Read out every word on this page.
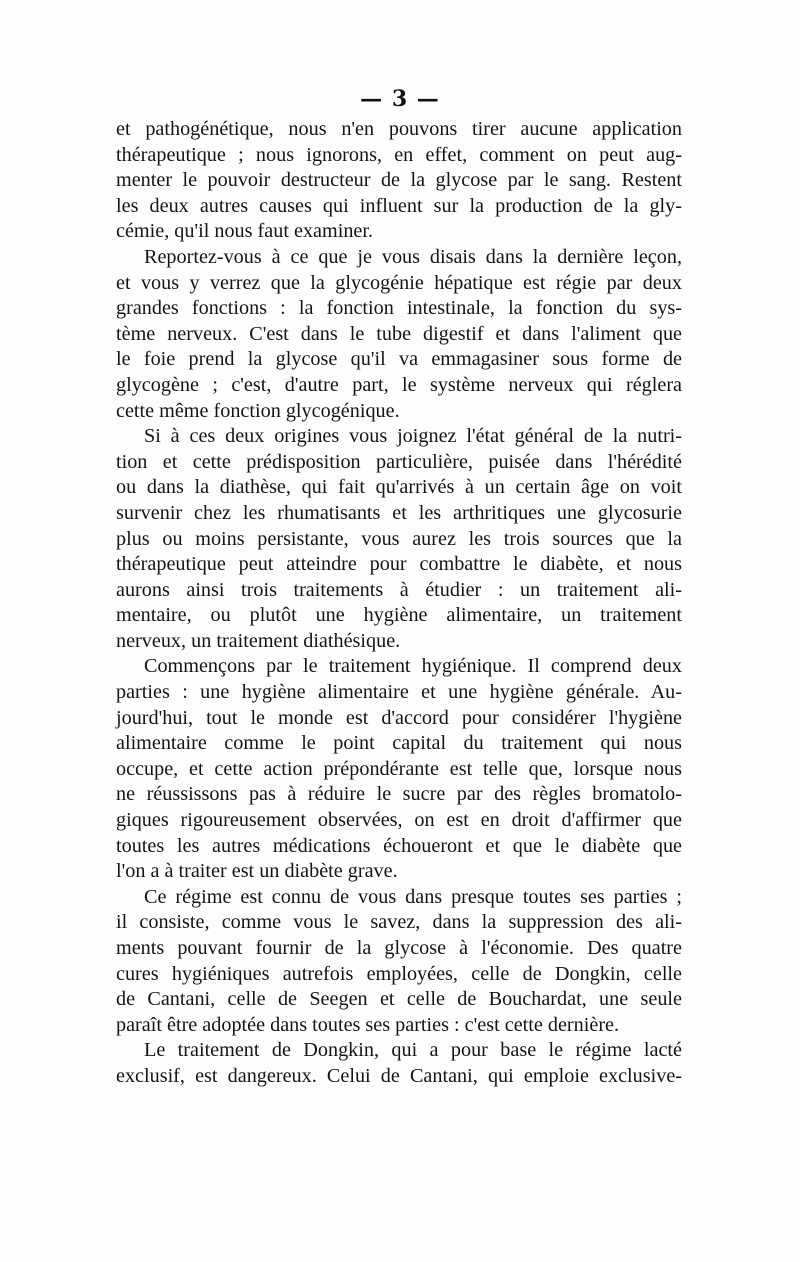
— 3 —
et pathogénétique, nous n'en pouvons tirer aucune application
thérapeutique ; nous ignorons, en effet, comment on peut aug-
menter le pouvoir destructeur de la glycose par le sang. Restent
les deux autres causes qui influent sur la production de la gly-
cémie, qu'il nous faut examiner.
Reportez-vous à ce que je vous disais dans la dernière leçon,
et vous y verrez que la glycogénie hépatique est régie par deux
grandes fonctions : la fonction intestinale, la fonction du sys-
tème nerveux. C'est dans le tube digestif et dans l'aliment que
le foie prend la glycose qu'il va emmagasiner sous forme de
glycogène ; c'est, d'autre part, le système nerveux qui réglera
cette même fonction glycogénique.
Si à ces deux origines vous joignez l'état général de la nutri-
tion et cette prédisposition particulière, puisée dans l'hérédité
ou dans la diathèse, qui fait qu'arrivés à un certain âge on voit
survenir chez les rhumatisants et les arthritiques une glycosurie
plus ou moins persistante, vous aurez les trois sources que la
thérapeutique peut atteindre pour combattre le diabète, et nous
aurons ainsi trois traitements à étudier : un traitement ali-
mentaire, ou plutôt une hygiène alimentaire, un traitement
nerveux, un traitement diathésique.
Commençons par le traitement hygiénique. Il comprend deux
parties : une hygiène alimentaire et une hygiène générale. Au-
jourd'hui, tout le monde est d'accord pour considérer l'hygiène
alimentaire comme le point capital du traitement qui nous
occupe, et cette action prépondérante est telle que, lorsque nous
ne réussissons pas à réduire le sucre par des règles bromatolo-
giques rigoureusement observées, on est en droit d'affirmer que
toutes les autres médications échoueront et que le diabète que
l'on a à traiter est un diabète grave.
Ce régime est connu de vous dans presque toutes ses parties ;
il consiste, comme vous le savez, dans la suppression des ali-
ments pouvant fournir de la glycose à l'économie. Des quatre
cures hygiéniques autrefois employées, celle de Dongkin, celle
de Cantani, celle de Seegen et celle de Bouchardat, une seule
paraît être adoptée dans toutes ses parties : c'est cette dernière.
Le traitement de Dongkin, qui a pour base le régime lacté
exclusif, est dangereux. Celui de Cantani, qui emploie exclusive-
